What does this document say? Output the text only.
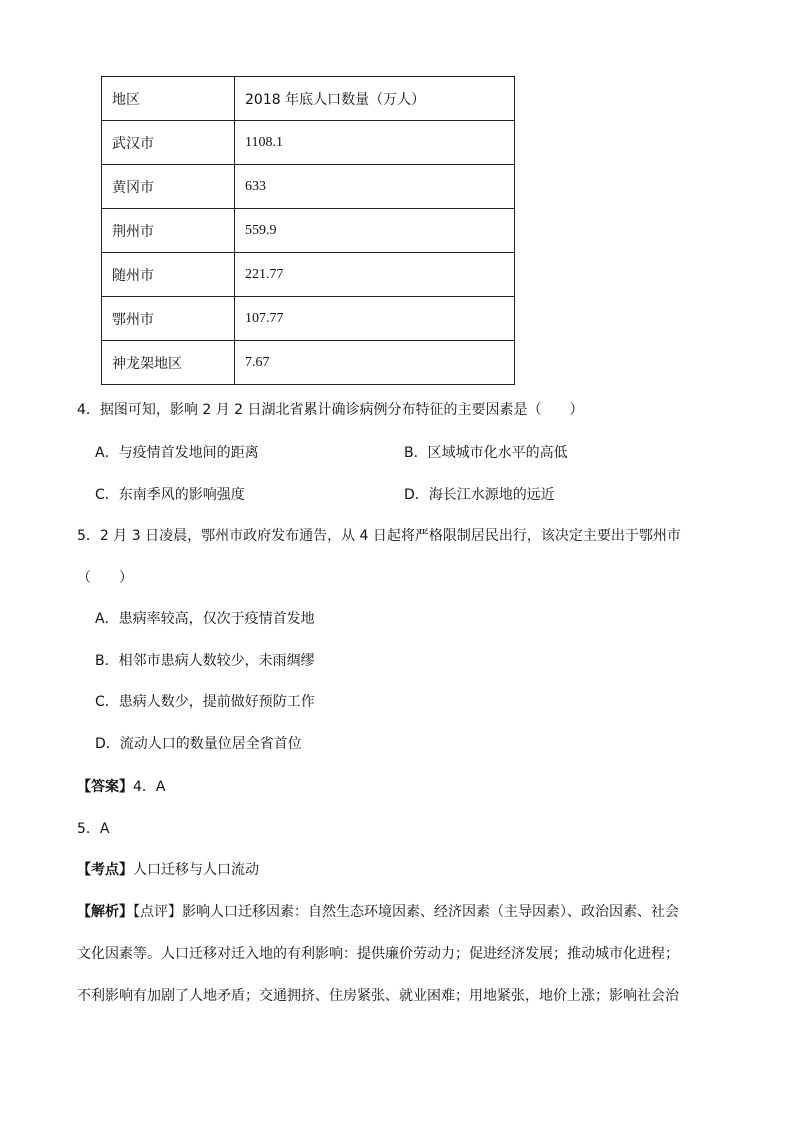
地区	2018 年底人口数量（万人）
武汉市	1108.1
黄冈市	633
荆州市	559.9
随州市	221.77
鄂州市	107.77
神龙架地区	7.67
4．据图可知，影响 2 月 2 日湖北省累计确诊病例分布特征的主要因素是（　　）
A．与疫情首发地间的距离	B．区域城市化水平的高低
C．东南季风的影响强度	D．海长江水源地的远近
5．2 月 3 日凌晨，鄂州市政府发布通告，从 4 日起将严格限制居民出行，该决定主要出于鄂州市
（　　）
A．患病率较高，仅次于疫情首发地
B．相邻市患病人数较少，未雨绸缪
C．患病人数少，提前做好预防工作
D．流动人口的数量位居全省首位
【答案】4．A
5．A
【考点】人口迁移与人口流动
【解析】【点评】影响人口迁移因素：自然生态环境因素、经济因素（主导因素）、政治因素、社会
文化因素等。人口迁移对迁入地的有利影响：提供廉价劳动力；促进经济发展；推动城市化进程；
不利影响有加剧了人地矛盾；交通拥挤、住房紧张、就业困难；用地紧张，地价上涨；影响社会治
